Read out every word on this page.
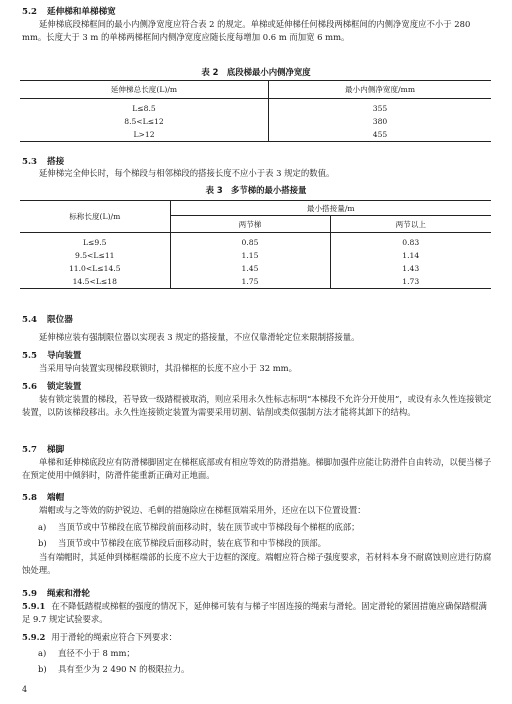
5.2 延伸梯和单梯梯宽
延伸梯底段梯框间的最小内侧净宽度应符合表 2 的规定。单梯或延伸梯任何梯段两梯框间的内侧净宽度应不小于 280 mm。长度大于 3 m 的单梯两梯框间内侧净宽度应随长度每增加 0.6 m 而加宽 6 mm。
表 2　底段梯最小内侧净宽度
延伸梯总长度(L)/m	最小内侧净宽度/mm
L≤8.5	355
8.5<L≤12	380
L>12	455
5.3 搭接
延伸梯完全伸长时，每个梯段与相邻梯段的搭接长度不应小于表 3 规定的数值。
表 3　多节梯的最小搭接量
标称长度(L)/m	最小搭接量/m	
	两节梯	两节以上
L≤9.5	0.85	0.83
9.5<L≤11	1.15	1.14
11.0<L≤14.5	1.45	1.43
14.5<L≤18	1.75	1.73
5.4 限位器
延伸梯应装有强制限位器以实现表 3 规定的搭接量，不应仅靠滑轮定位来限制搭接量。
5.5 导向装置
当采用导向装置实现梯段联锁时，其沿梯框的长度不应小于 32 mm。
5.6 锁定装置
装有锁定装置的梯段，若导致一级踏棍被取消，则应采用永久性标志标明“本梯段不允许分开使用”，或设有永久性连接锁定装置，以防该梯段移出。永久性连接锁定装置为需要采用切割、钻削或类似强制方法才能将其卸下的结构。
5.7 梯脚
单梯和延伸梯底段应有防滑梯脚固定在梯框底部或有相应等效的防滑措施。梯脚加强件应能让防滑件自由转动，以便当梯子在预定使用中倾斜时，防滑件能重新正确对正地面。
5.8 端帽
端帽或与之等效的防护锐边、毛刺的措施除应在梯框顶端采用外，还应在以下位置设置：
a) 当顶节或中节梯段在底节梯段前面移动时，装在顶节或中节梯段每个梯框的底部；
b) 当顶节或中节梯段在底节梯段后面移动时，装在底节和中节梯段的顶部。
当有端帽时，其延伸到梯框端部的长度不应大于边框的深度。端帽应符合梯子强度要求，若材料本身不耐腐蚀则应进行防腐蚀处理。
5.9 绳索和滑轮
5.9.1 在不降低踏棍或梯框的强度的情况下，延伸梯可装有与梯子牢固连接的绳索与滑轮。固定滑轮的紧固措施应确保踏棍满足 9.7 规定试验要求。
5.9.2 用于滑轮的绳索应符合下列要求：
a) 直径不小于 8 mm；
b) 具有至少为 2 490 N 的极限拉力。
4
